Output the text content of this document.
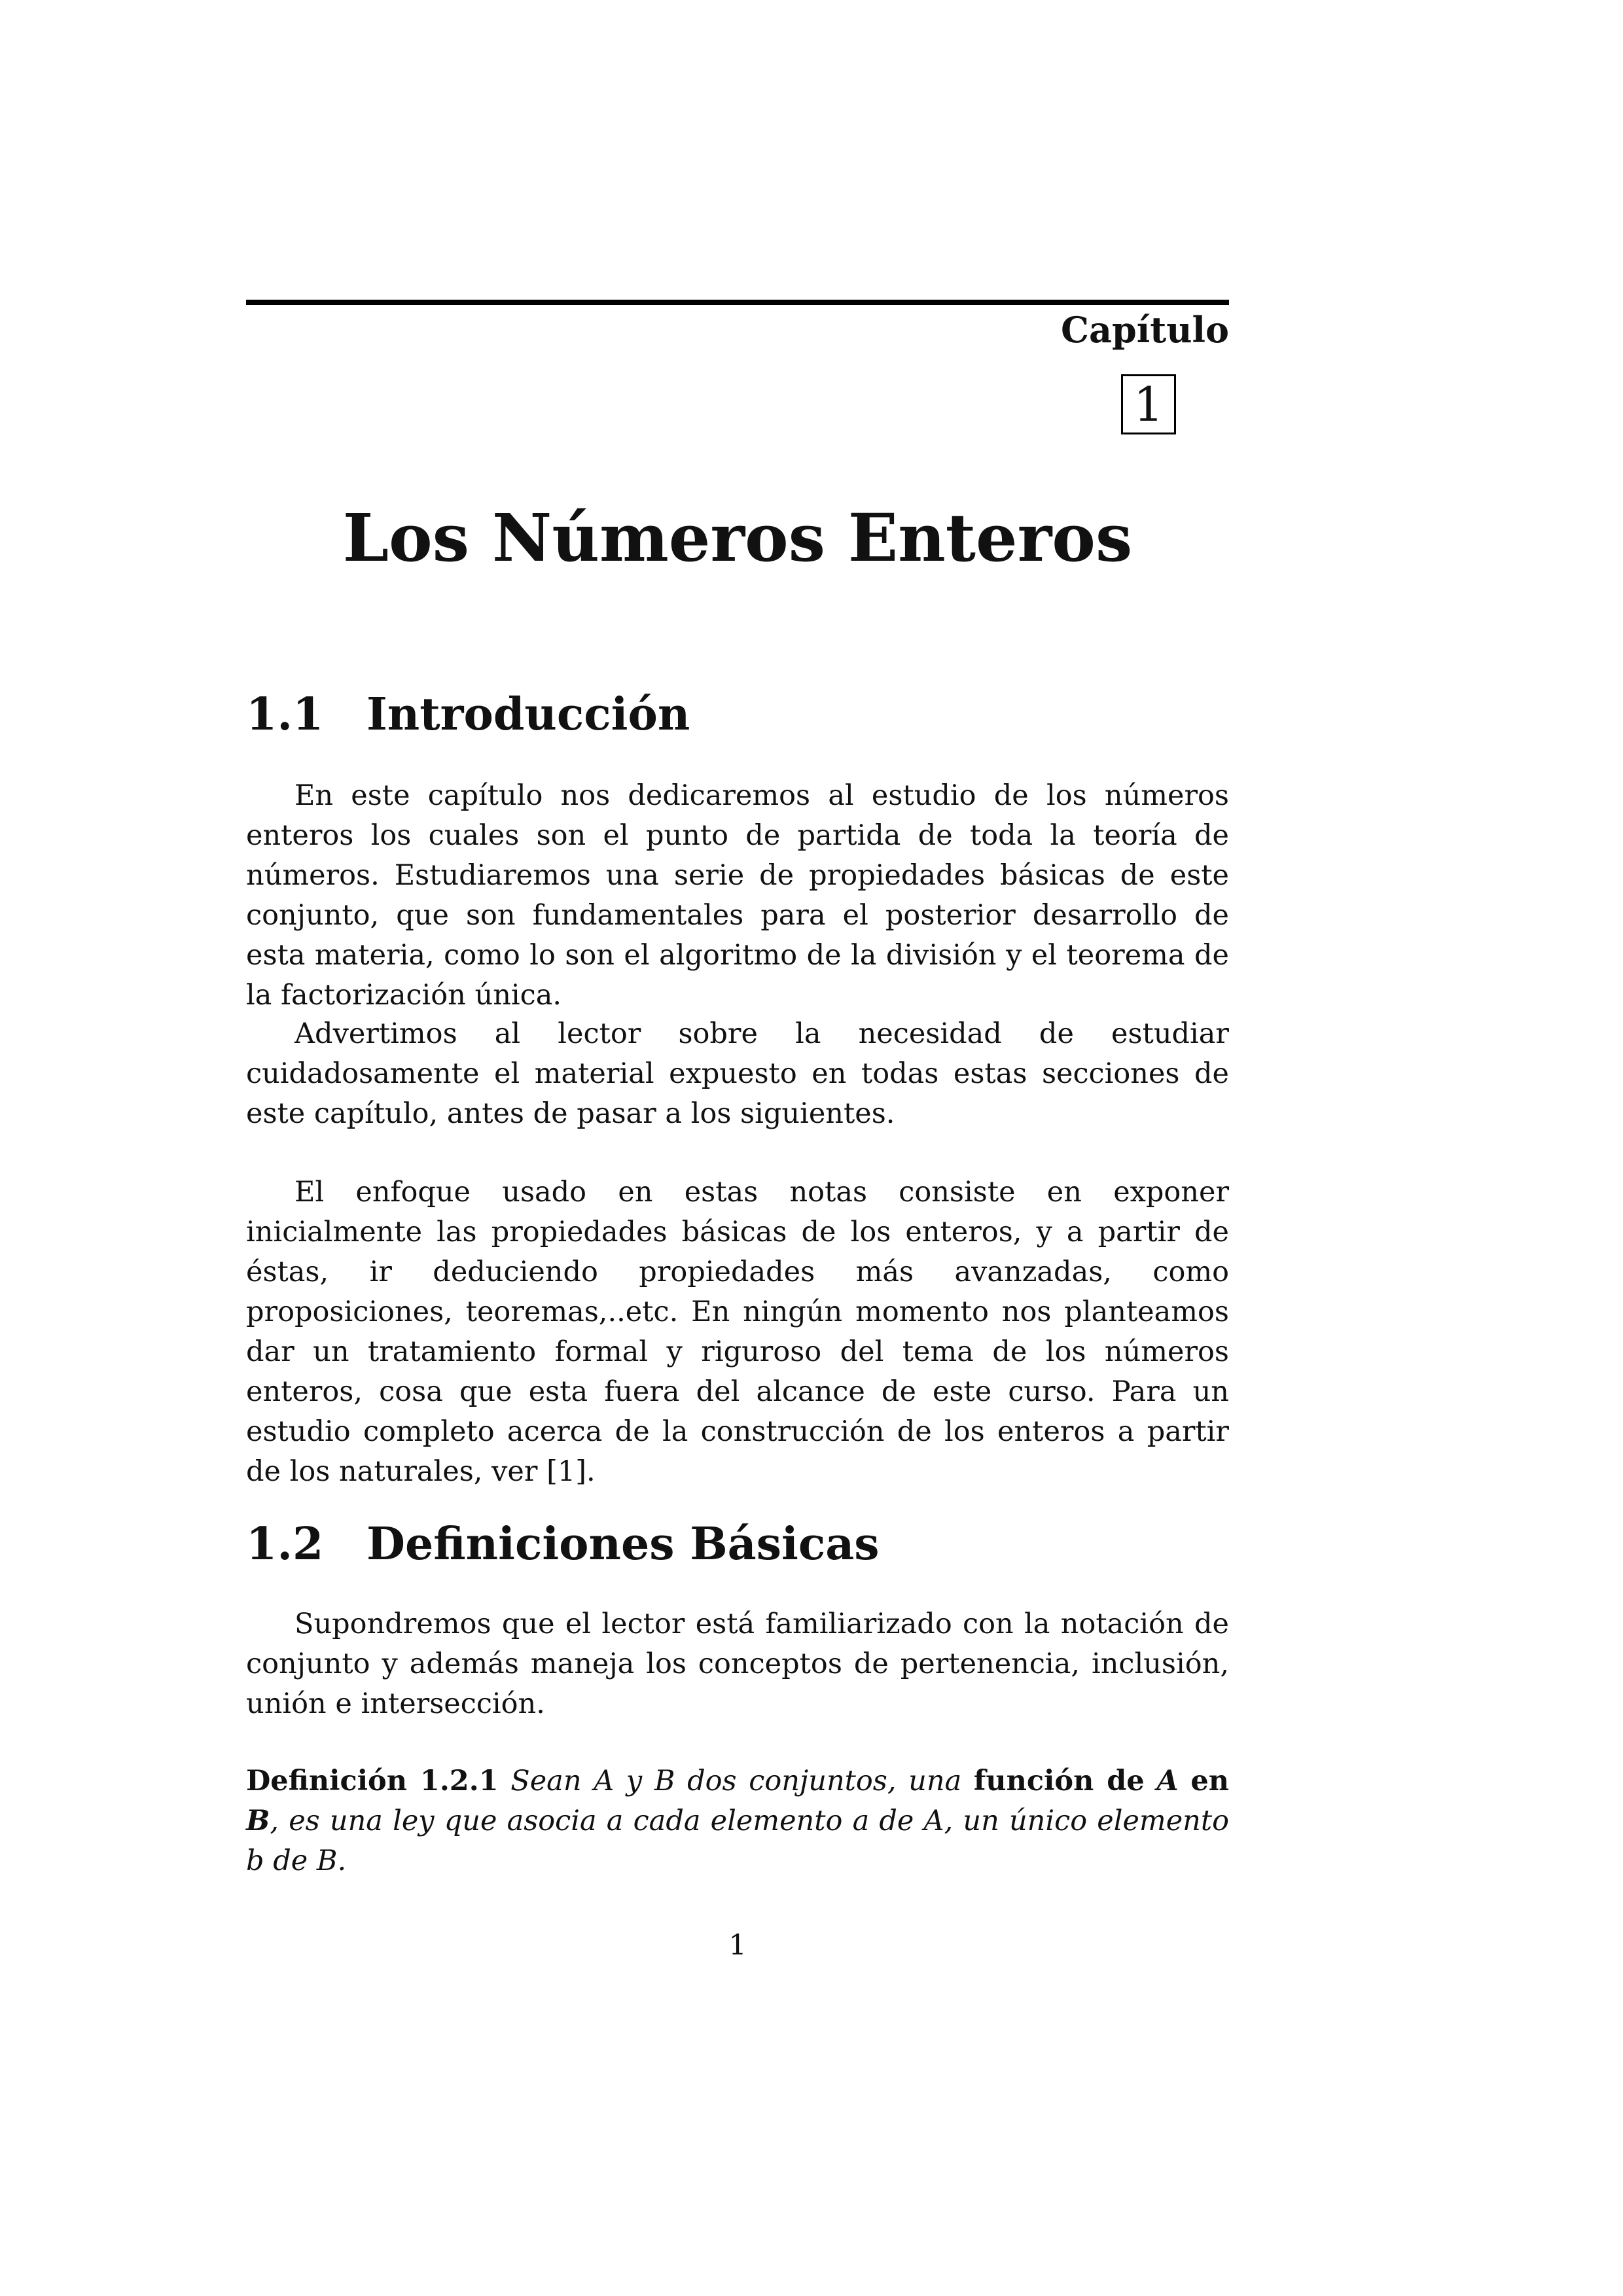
Capítulo
1
Los Números Enteros
1.1 Introducción

En este capítulo nos dedicaremos al estudio de los números enteros los cuales son el punto de partida de toda la teoría de números. Estudiaremos una serie de propiedades básicas de este conjunto, que son fundamentales para el posterior desarrollo de esta materia, como lo son el algoritmo de la división y el teorema de la factorización única.

Advertimos al lector sobre la necesidad de estudiar cuidadosamente el material expuesto en todas estas secciones de este capítulo, antes de pasar a los siguientes.

El enfoque usado en estas notas consiste en exponer inicialmente las propiedades básicas de los enteros, y a partir de éstas, ir deduciendo propiedades más avanzadas, como proposiciones, teoremas,..etc. En ningún momento nos planteamos dar un tratamiento formal y riguroso del tema de los números enteros, cosa que esta fuera del alcance de este curso. Para un estudio completo acerca de la construcción de los enteros a partir de los naturales, ver [1].

1.2 Definiciones Básicas

Supondremos que el lector está familiarizado con la notación de conjunto y además maneja los conceptos de pertenencia, inclusión, unión e intersección.

Definición 1.2.1 Sean A y B dos conjuntos, una función de A en B, es una ley que asocia a cada elemento a de A, un único elemento b de B.

1
